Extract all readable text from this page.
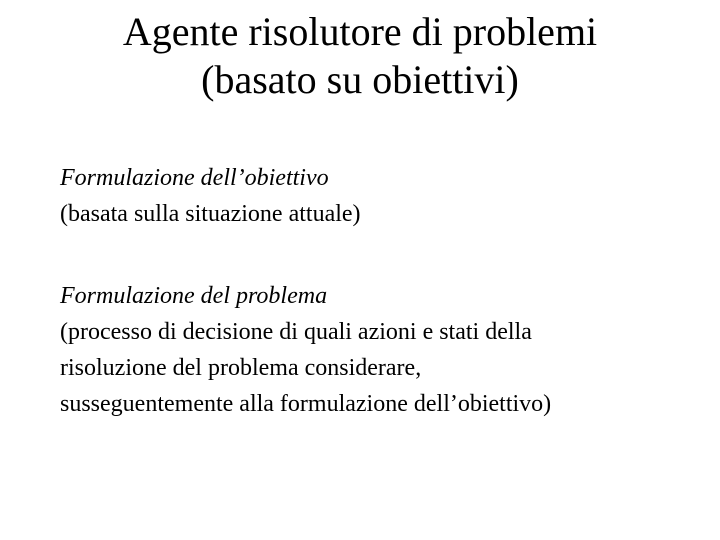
Agente risolutore di problemi
(basato su obiettivi)
Formulazione dell’obiettivo
(basata sulla situazione attuale)
Formulazione del problema
(processo di decisione di quali azioni e stati della
risoluzione del problema considerare,
susseguentemente alla formulazione dell’obiettivo)
